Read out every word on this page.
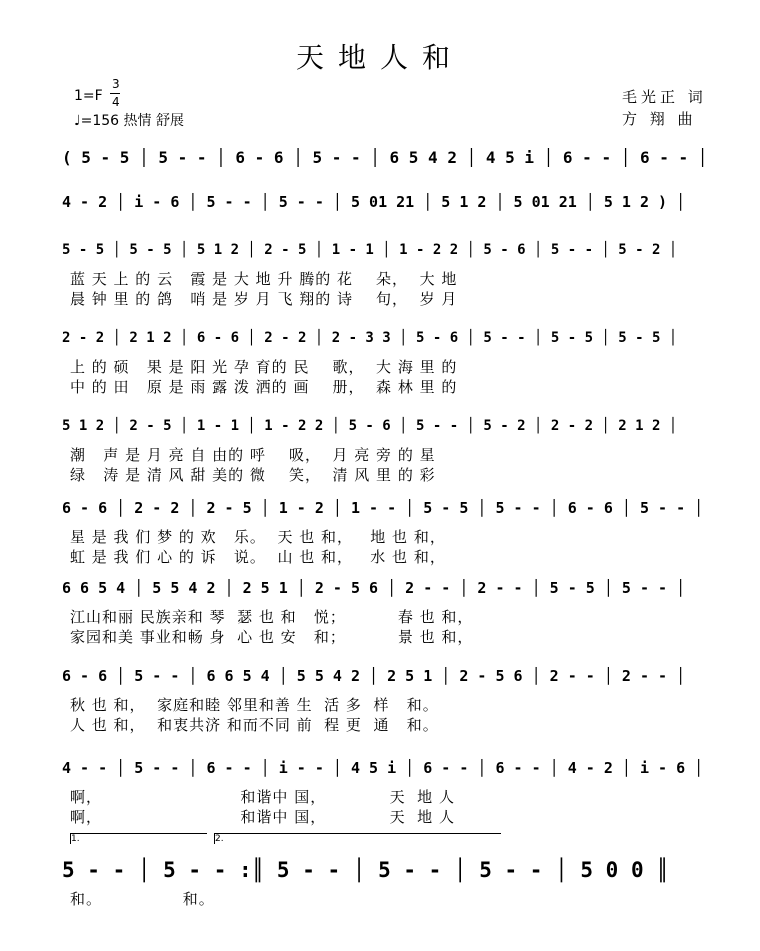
天地人和
1=F
3
4
♩=156 热情 舒展
毛光正 词
方 翔 曲
( 5 - 5 │ 5 - - │ 6 - 6 │ 5 - - │ 6 5 4 2 │ 4 5 i │ 6 - - │ 6 - - │
4 - 2 │ i - 6 │ 5 - - │ 5 - - │ 5 01 21 │ 5 1 2 │ 5 01 21 │ 5 1 2 ) │
5 - 5 │ 5 - 5 │ 5 1 2 │ 2 - 5 │ 1 - 1 │ 1 - 2 2 │ 5 - 6 │ 5 - - │ 5 - 2 │
蓝 天 上 的 云   霞 是 大 地 升 腾的 花    朵，  大 地
晨 钟 里 的 鸽   哨 是 岁 月 飞 翔的 诗    句，  岁 月
2 - 2 │ 2 1 2 │ 6 - 6 │ 2 - 2 │ 2 - 3 3 │ 5 - 6 │ 5 - - │ 5 - 5 │ 5 - 5 │
上 的 硕   果 是 阳 光 孕 育的 民    歌，  大 海 里 的
中 的 田   原 是 雨 露 泼 洒的 画    册，  森 林 里 的
5 1 2 │ 2 - 5 │ 1 - 1 │ 1 - 2 2 │ 5 - 6 │ 5 - - │ 5 - 2 │ 2 - 2 │ 2 1 2 │
潮   声 是 月 亮 自 由的 呼    吸，  月 亮 旁 的 星
绿   涛 是 清 风 甜 美的 微    笑，  清 风 里 的 彩
6 - 6 │ 2 - 2 │ 2 - 5 │ 1 - 2 │ 1 - - │ 5 - 5 │ 5 - - │ 6 - 6 │ 5 - - │
星 是 我 们 梦 的 欢   乐。  天 也 和，   地 也 和，
虹 是 我 们 心 的 诉   说。  山 也 和，   水 也 和，
6 6 5 4 │ 5 5 4 2 │ 2 5 1 │ 2 - 5 6 │ 2 - - │ 2 - - │ 5 - 5 │ 5 - - │
江山和丽 民族亲和 琴  瑟 也 和   悦；         春 也 和，
家园和美 事业和畅 身  心 也 安   和；         景 也 和，
6 - 6 │ 5 - - │ 6 6 5 4 │ 5 5 4 2 │ 2 5 1 │ 2 - 5 6 │ 2 - - │ 2 - - │
秋 也 和，  家庭和睦 邻里和善 生  活 多  样   和。
人 也 和，  和衷共济 和而不同 前  程 更  通   和。
4 - - │ 5 - - │ 6 - - │ i - - │ 4 5 i │ 6 - - │ 6 - - │ 4 - 2 │ i - 6 │
啊，                        和谐中 国，           天  地 人
啊，                        和谐中 国，           天  地 人
5 - - │ 5 - - :║ 5 - - │ 5 - - │ 5 - - │ 5 0 0 ║
和。              和。
1.	2.
